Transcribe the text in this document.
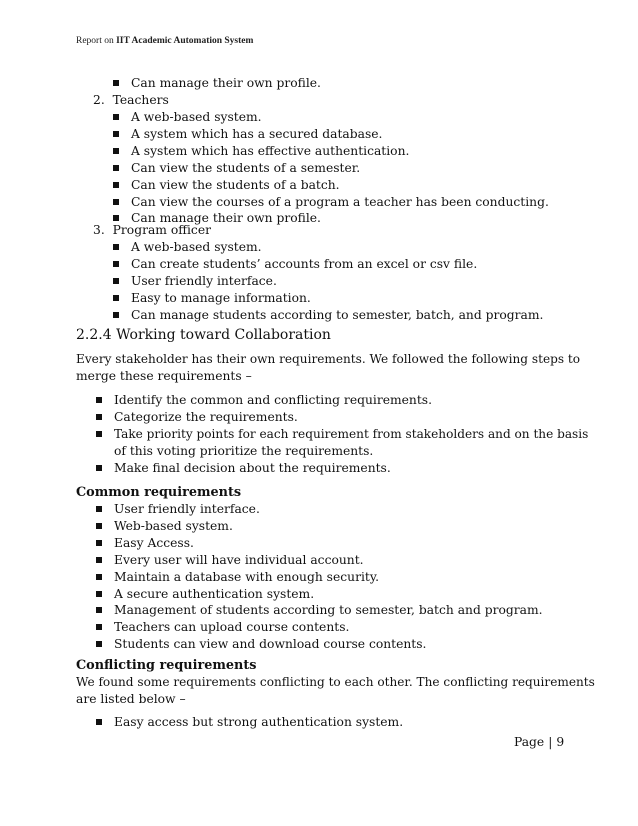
Report on IIT Academic Automation System
Can manage their own profile.
2. Teachers
A web-based system.
A system which has a secured database.
A system which has effective authentication.
Can view the students of a semester.
Can view the students of a batch.
Can view the courses of a program a teacher has been conducting.
Can manage their own profile.
3. Program officer
A web-based system.
Can create students’ accounts from an excel or csv file.
User friendly interface.
Easy to manage information.
Can manage students according to semester, batch, and program.
2.2.4 Working toward Collaboration
Every stakeholder has their own requirements. We followed the following steps to
merge these requirements –
Identify the common and conflicting requirements.
Categorize the requirements.
Take priority points for each requirement from stakeholders and on the basis
of this voting prioritize the requirements.
Make final decision about the requirements.
Common requirements
User friendly interface.
Web-based system.
Easy Access.
Every user will have individual account.
Maintain a database with enough security.
A secure authentication system.
Management of students according to semester, batch and program.
Teachers can upload course contents.
Students can view and download course contents.
Conflicting requirements
We found some requirements conflicting to each other. The conflicting requirements
are listed below –
Easy access but strong authentication system.
Page | 9
